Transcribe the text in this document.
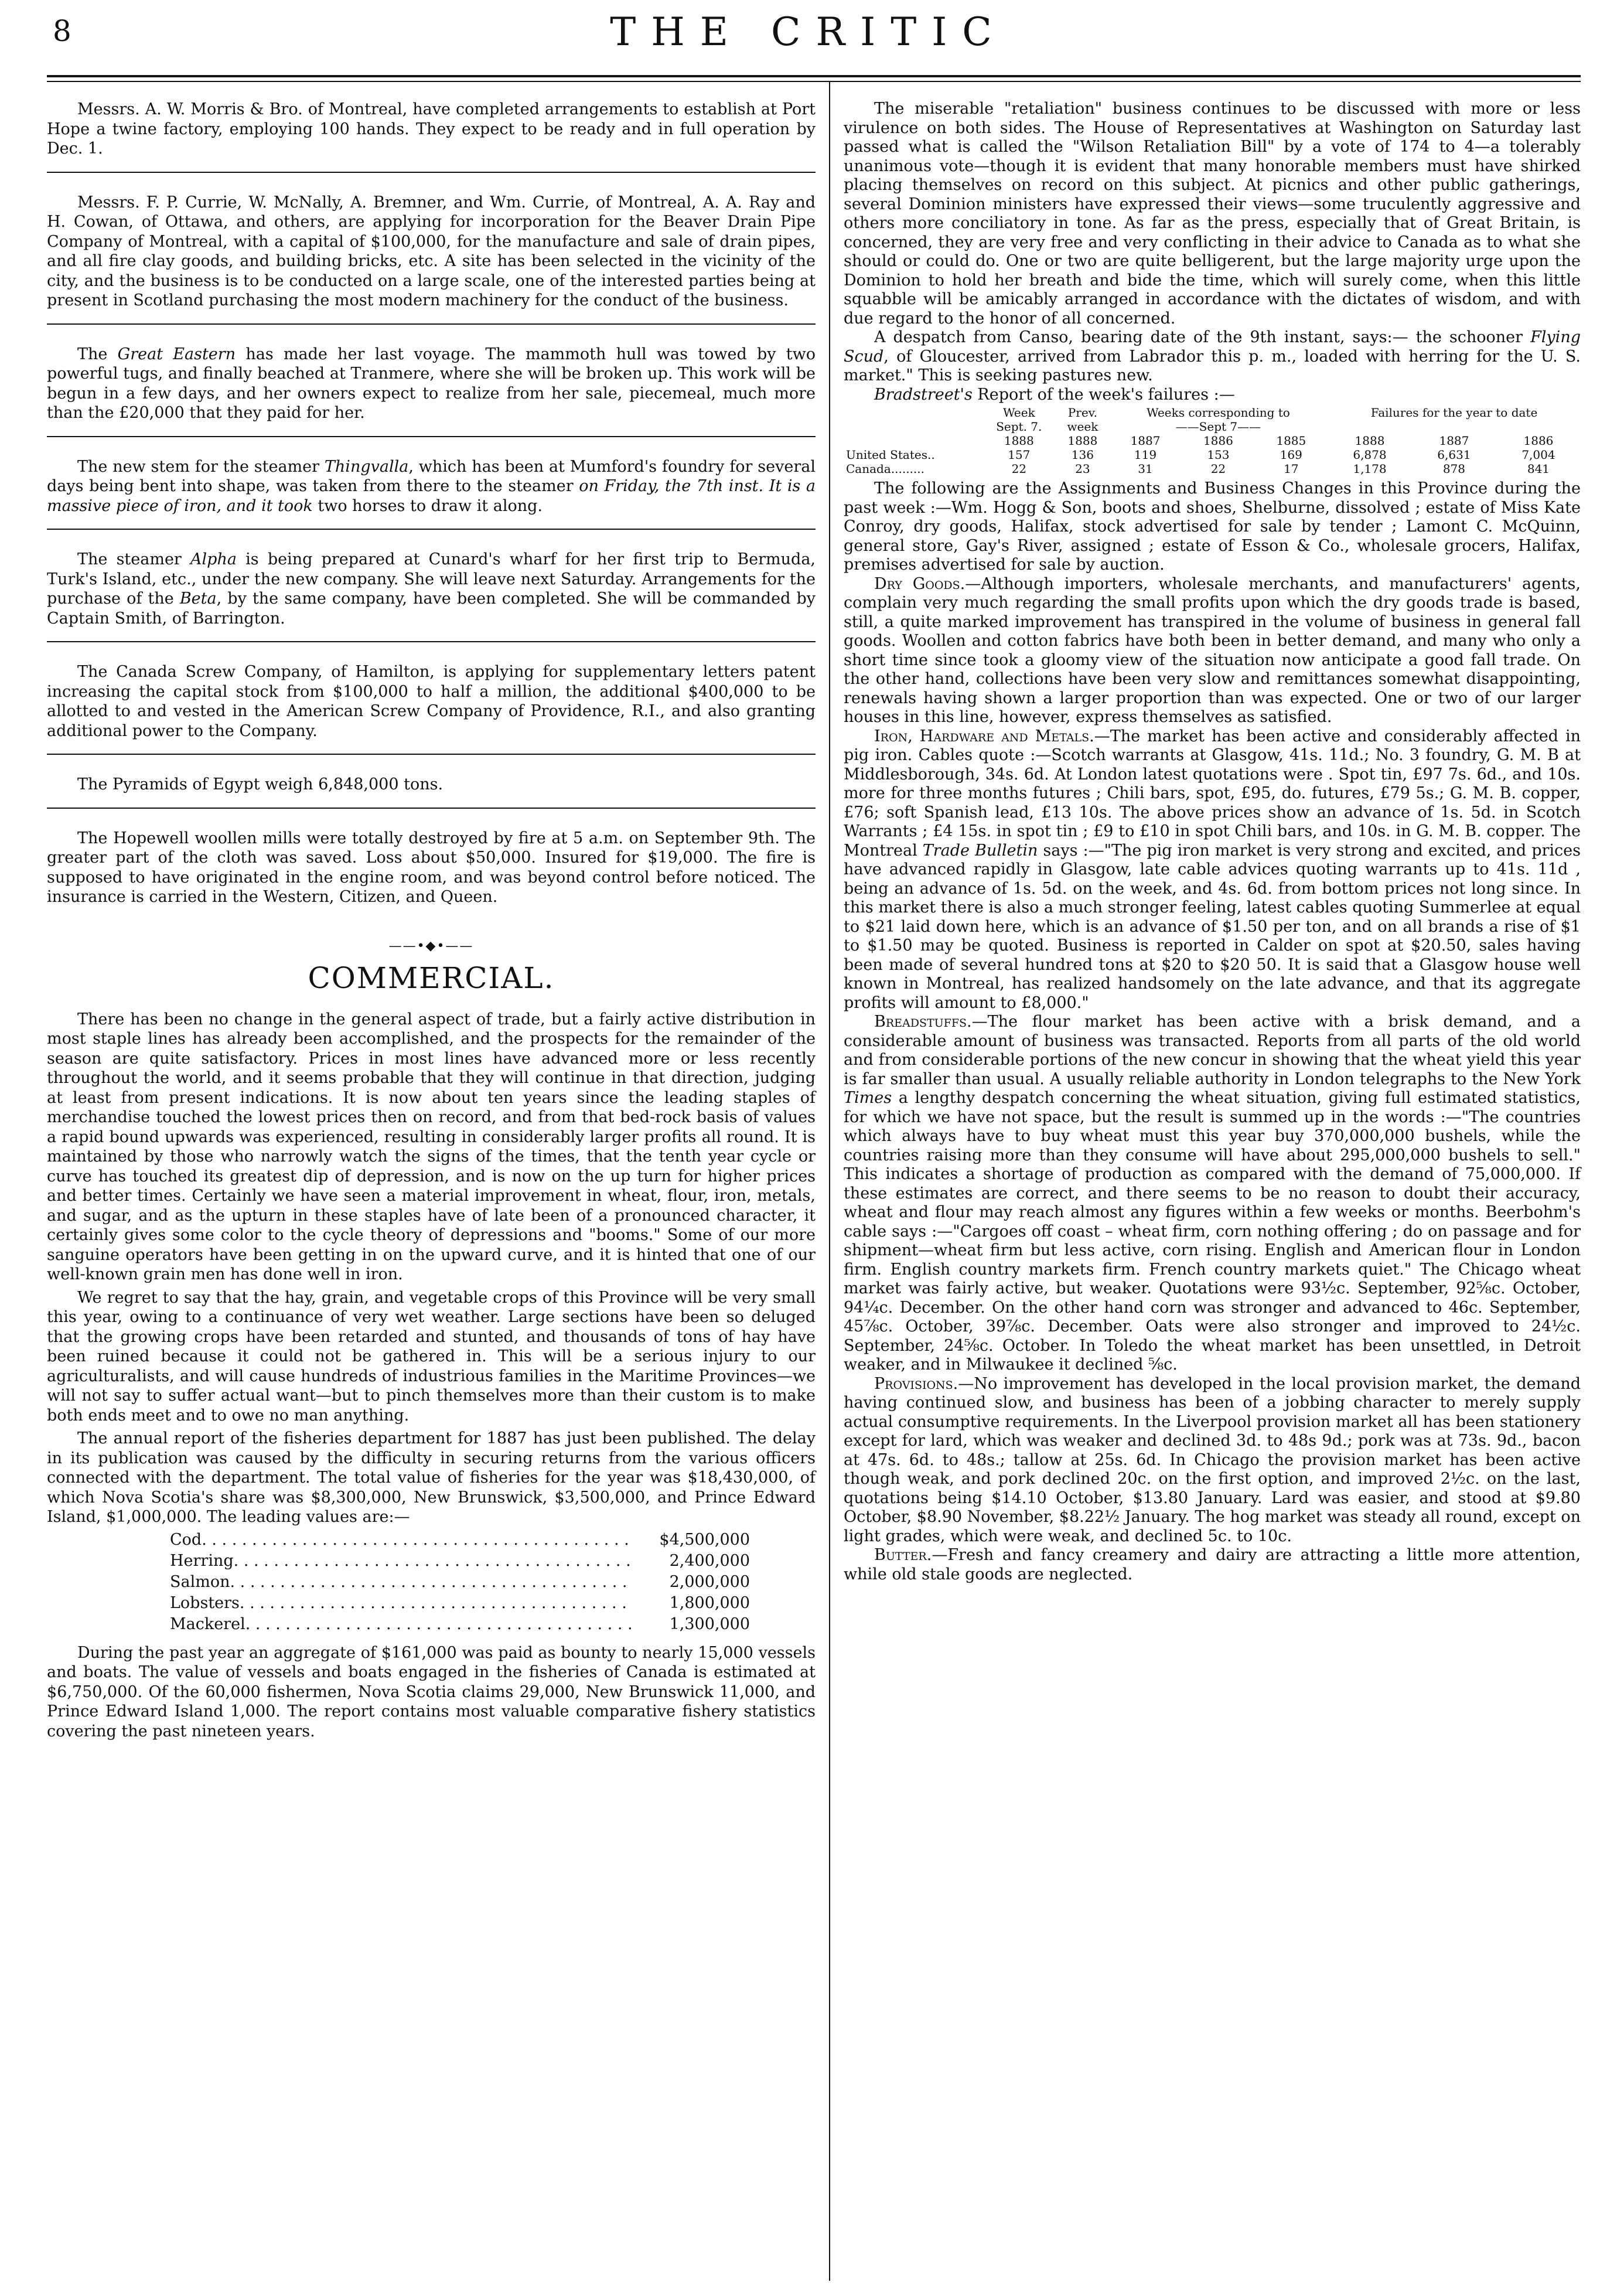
8	THE CRITIC

Messrs. A. W. Morris & Bro. of Montreal, have completed arrangements to establish at Port Hope a twine factory, employing 100 hands. They expect to be ready and in full operation by Dec. 1.

Messrs. F. P. Currie, W. McNally, A. Bremner, and Wm. Currie, of Montreal, A. A. Ray and H. Cowan, of Ottawa, and others, are applying for incorporation for the Beaver Drain Pipe Company of Montreal, with a capital of $100,000, for the manufacture and sale of drain pipes, and all fire clay goods, and building bricks, etc. A site has been selected in the vicinity of the city, and the business is to be conducted on a large scale, one of the interested parties being at present in Scotland purchasing the most modern machinery for the conduct of the business.

The Great Eastern has made her last voyage. The mammoth hull was towed by two powerful tugs, and finally beached at Tranmere, where she will be broken up. This work will be begun in a few days, and her owners expect to realize from her sale, piecemeal, much more than the £20,000 that they paid for her.

The new stem for the steamer Thingvalla, which has been at Mumford's foundry for several days being bent into shape, was taken from there to the steamer on Friday, the 7th inst. It is a massive piece of iron, and it took two horses to draw it along.

The steamer Alpha is being prepared at Cunard's wharf for her first trip to Bermuda, Turk's Island, etc., under the new company. She will leave next Saturday. Arrangements for the purchase of the Beta, by the same company, have been completed. She will be commanded by Captain Smith, of Barrington.

The Canada Screw Company, of Hamilton, is applying for supplementary letters patent increasing the capital stock from $100,000 to half a million, the additional $400,000 to be allotted to and vested in the American Screw Company of Providence, R.I., and also granting additional power to the Company.

The Pyramids of Egypt weigh 6,848,000 tons.

The Hopewell woollen mills were totally destroyed by fire at 5 a.m. on September 9th. The greater part of the cloth was saved. Loss about $50,000. Insured for $19,000. The fire is supposed to have originated in the engine room, and was beyond control before noticed. The insurance is carried in the Western, Citizen, and Queen.

——•◆•——
COMMERCIAL.

There has been no change in the general aspect of trade, but a fairly active distribution in most staple lines has already been accomplished, and the prospects for the remainder of the season are quite satisfactory. Prices in most lines have advanced more or less recently throughout the world, and it seems probable that they will continue in that direction, judging at least from present indications. It is now about ten years since the leading staples of merchandise touched the lowest prices then on record, and from that bed-rock basis of values a rapid bound upwards was experienced, resulting in considerably larger profits all round. It is maintained by those who narrowly watch the signs of the times, that the tenth year cycle or curve has touched its greatest dip of depression, and is now on the up turn for higher prices and better times. Certainly we have seen a material improvement in wheat, flour, iron, metals, and sugar, and as the upturn in these staples have of late been of a pronounced character, it certainly gives some color to the cycle theory of depressions and "booms." Some of our more sanguine operators have been getting in on the upward curve, and it is hinted that one of our well-known grain men has done well in iron.

We regret to say that the hay, grain, and vegetable crops of this Province will be very small this year, owing to a continuance of very wet weather. Large sections have been so deluged that the growing crops have been retarded and stunted, and thousands of tons of hay have been ruined because it could not be gathered in. This will be a serious injury to our agriculturalists, and will cause hundreds of industrious families in the Maritime Provinces—we will not say to suffer actual want—but to pinch themselves more than their custom is to make both ends meet and to owe no man anything.

The annual report of the fisheries department for 1887 has just been published. The delay in its publication was caused by the difficulty in securing returns from the various officers connected with the department. The total value of fisheries for the year was $18,430,000, of which Nova Scotia's share was $8,300,000, New Brunswick, $3,500,000, and Prince Edward Island, $1,000,000. The leading values are:—

Cod . . .	$4,500,000
Herring . . .	2,400,000
Salmon . . .	2,000,000
Lobsters . . .	1,800,000
Mackerel . . .	1,300,000

During the past year an aggregate of $161,000 was paid as bounty to nearly 15,000 vessels and boats. The value of vessels and boats engaged in the fisheries of Canada is estimated at $6,750,000. Of the 60,000 fishermen, Nova Scotia claims 29,000, New Brunswick 11,000, and Prince Edward Island 1,000. The report contains most valuable comparative fishery statistics covering the past nineteen years.

The miserable "retaliation" business continues to be discussed with more or less virulence on both sides. The House of Representatives at Washington on Saturday last passed what is called the "Wilson Retaliation Bill" by a vote of 174 to 4—a tolerably unanimous vote—though it is evident that many honorable members must have shirked placing themselves on record on this subject. At picnics and other public gatherings, several Dominion ministers have expressed their views—some truculently aggressive and others more conciliatory in tone. As far as the press, especially that of Great Britain, is concerned, they are very free and very conflicting in their advice to Canada as to what she should or could do. One or two are quite belligerent, but the large majority urge upon the Dominion to hold her breath and bide the time, which will surely come, when this little squabble will be amicably arranged in accordance with the dictates of wisdom, and with due regard to the honor of all concerned.

A despatch from Canso, bearing date of the 9th instant, says:— the schooner Flying Scud, of Gloucester, arrived from Labrador this p. m., loaded with herring for the U. S. market." This is seeking pastures new.

Bradstreet's Report of the week's failures :—

	Week	Prev.	Weeks corresponding to			Failures for the year to date		
	Sept. 7.	week	——Sept 7——					
	1888	1888	1887	1886	1885	1888	1887	1886
United States..	157	136	119	153	169	6,878	6,631	7,004
Canada.........	22	23	31	22	17	1,178	878	841

The following are the Assignments and Business Changes in this Province during the past week :—Wm. Hogg & Son, boots and shoes, Shelburne, dissolved ; estate of Miss Kate Conroy, dry goods, Halifax, stock advertised for sale by tender ; Lamont C. McQuinn, general store, Gay's River, assigned ; estate of Esson & Co., wholesale grocers, Halifax, premises advertised for sale by auction.

Dry Goods.—Although importers, wholesale merchants, and manufacturers' agents, complain very much regarding the small profits upon which the dry goods trade is based, still, a quite marked improvement has transpired in the volume of business in general fall goods. Woollen and cotton fabrics have both been in better demand, and many who only a short time since took a gloomy view of the situation now anticipate a good fall trade. On the other hand, collections have been very slow and remittances somewhat disappointing, renewals having shown a larger proportion than was expected. One or two of our larger houses in this line, however, express themselves as satisfied.

Iron, Hardware and Metals.—The market has been active and considerably affected in pig iron. Cables quote :—Scotch warrants at Glasgow, 41s. 11d.; No. 3 foundry, G. M. B at Middlesborough, 34s. 6d. At London latest quotations were . Spot tin, £97 7s. 6d., and 10s. more for three months futures ; Chili bars, spot, £95, do. futures, £79 5s.; G. M. B. copper, £76; soft Spanish lead, £13 10s. The above prices show an advance of 1s. 5d. in Scotch Warrants ; £4 15s. in spot tin ; £9 to £10 in spot Chili bars, and 10s. in G. M. B. copper. The Montreal Trade Bulletin says :—"The pig iron market is very strong and excited, and prices have advanced rapidly in Glasgow, late cable advices quoting warrants up to 41s. 11d , being an advance of 1s. 5d. on the week, and 4s. 6d. from bottom prices not long since. In this market there is also a much stronger feeling, latest cables quoting Summerlee at equal to $21 laid down here, which is an advance of $1.50 per ton, and on all brands a rise of $1 to $1.50 may be quoted. Business is reported in Calder on spot at $20.50, sales having been made of several hundred tons at $20 to $20 50. It is said that a Glasgow house well known in Montreal, has realized handsomely on the late advance, and that its aggregate profits will amount to £8,000."

Breadstuffs.—The flour market has been active with a brisk demand, and a considerable amount of business was transacted. Reports from all parts of the old world and from considerable portions of the new concur in showing that the wheat yield this year is far smaller than usual. A usually reliable authority in London telegraphs to the New York Times a lengthy despatch concerning the wheat situation, giving full estimated statistics, for which we have not space, but the result is summed up in the words :—"The countries which always have to buy wheat must this year buy 370,000,000 bushels, while the countries raising more than they consume will have about 295,000,000 bushels to sell." This indicates a shortage of production as compared with the demand of 75,000,000. If these estimates are correct, and there seems to be no reason to doubt their accuracy, wheat and flour may reach almost any figures within a few weeks or months. Beerbohm's cable says :—"Cargoes off coast – wheat firm, corn nothing offering ; do on passage and for shipment—wheat firm but less active, corn rising. English and American flour in London firm. English country markets firm. French country markets quiet." The Chicago wheat market was fairly active, but weaker. Quotations were 93½c. September, 92⅝c. October, 94¼c. December. On the other hand corn was stronger and advanced to 46c. September, 45⅞c. October, 39⅞c. December. Oats were also stronger and improved to 24½c. September, 24⅝c. October. In Toledo the wheat market has been unsettled, in Detroit weaker, and in Milwaukee it declined ⅝c.

Provisions.—No improvement has developed in the local provision market, the demand having continued slow, and business has been of a jobbing character to merely supply actual consumptive requirements. In the Liverpool provision market all has been stationery except for lard, which was weaker and declined 3d. to 48s 9d.; pork was at 73s. 9d., bacon at 47s. 6d. to 48s.; tallow at 25s. 6d. In Chicago the provision market has been active though weak, and pork declined 20c. on the first option, and improved 2½c. on the last, quotations being $14.10 October, $13.80 January. Lard was easier, and stood at $9.80 October, $8.90 November, $8.22½ January. The hog market was steady all round, except on light grades, which were weak, and declined 5c. to 10c.

Butter.—Fresh and fancy creamery and dairy are attracting a little more attention, while old stale goods are neglected.
